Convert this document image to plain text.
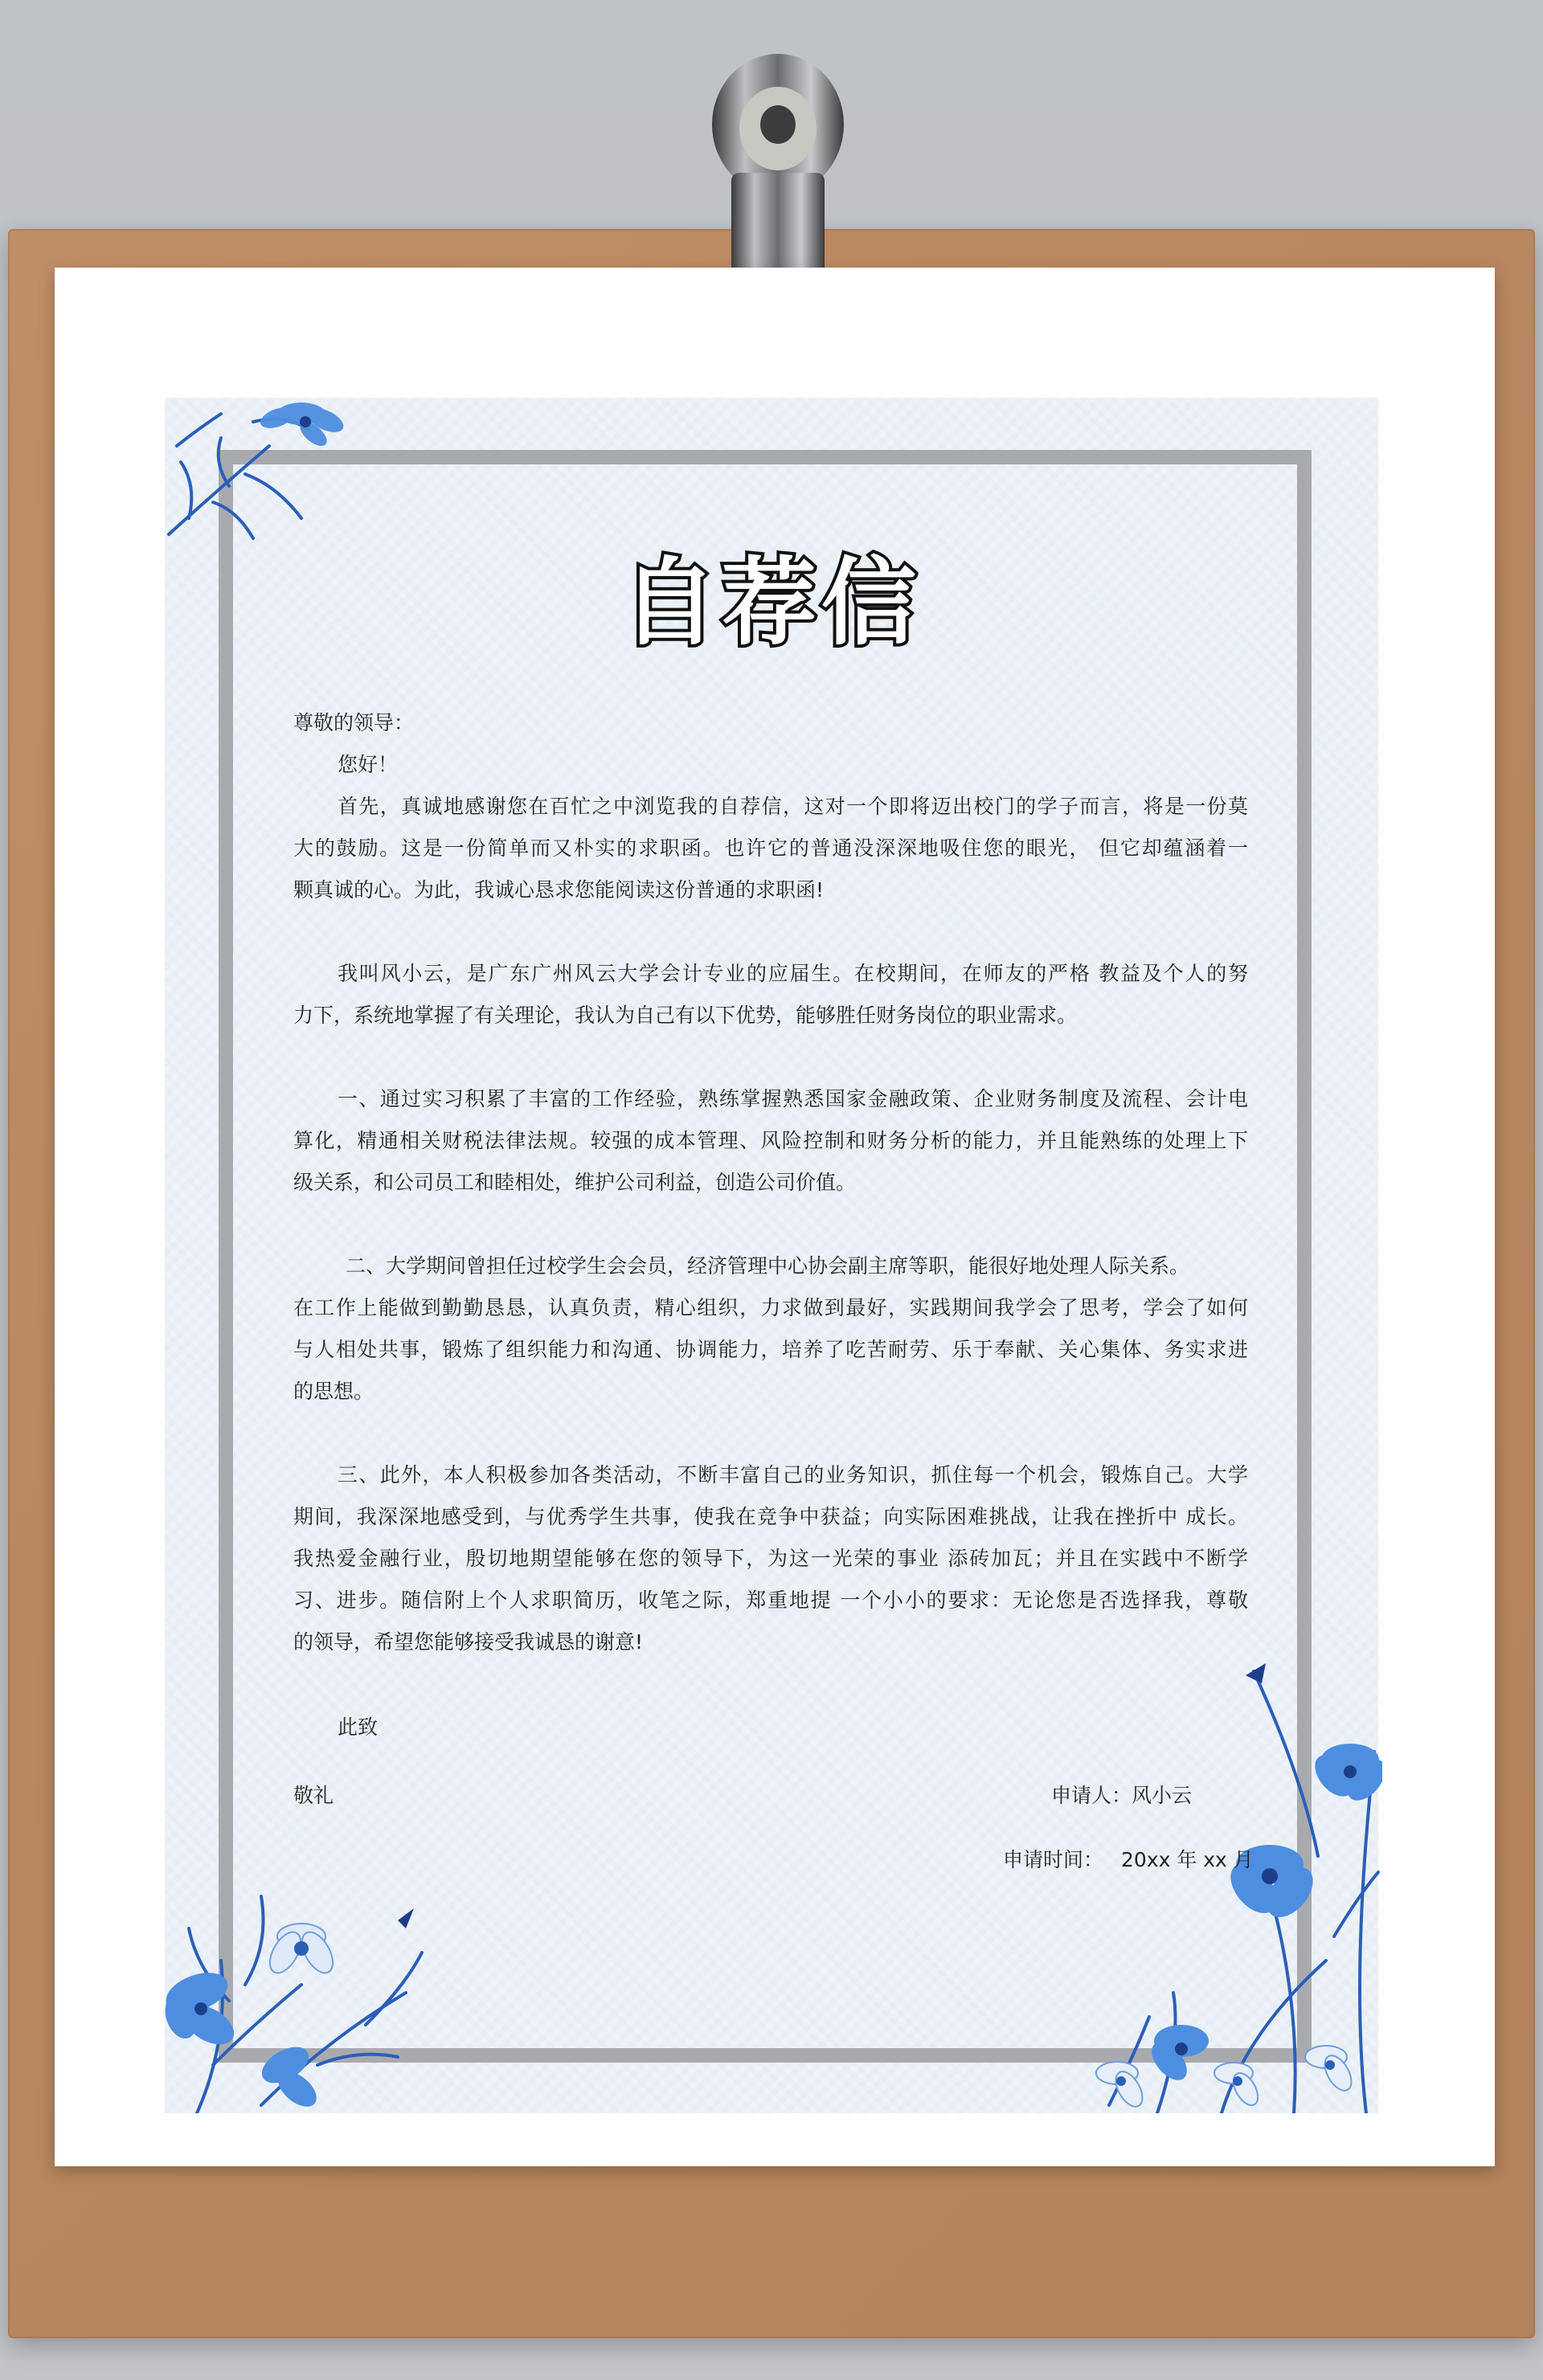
自荐信
尊敬的领导：
您好！
首先，真诚地感谢您在百忙之中浏览我的自荐信，这对一个即将迈出校门的学子而言，将是一份莫
大的鼓励。这是一份简单而又朴实的求职函。也许它的普通没深深地吸住您的眼光， 但它却蕴涵着一
颗真诚的心。为此，我诚心恳求您能阅读这份普通的求职函!
我叫风小云，是广东广州风云大学会计专业的应届生。在校期间，在师友的严格 教益及个人的努
力下，系统地掌握了有关理论，我认为自己有以下优势，能够胜任财务岗位的职业需求。
一、通过实习积累了丰富的工作经验，熟练掌握熟悉国家金融政策、企业财务制度及流程、会计电
算化，精通相关财税法律法规。较强的成本管理、风险控制和财务分析的能力，并且能熟练的处理上下
级关系，和公司员工和睦相处，维护公司利益，创造公司价值。
二、大学期间曾担任过校学生会会员，经济管理中心协会副主席等职，能很好地处理人际关系。
在工作上能做到勤勤恳恳，认真负责，精心组织，力求做到最好，实践期间我学会了思考，学会了如何
与人相处共事，锻炼了组织能力和沟通、协调能力，培养了吃苦耐劳、乐于奉献、关心集体、务实求进
的思想。
三、此外，本人积极参加各类活动，不断丰富自己的业务知识，抓住每一个机会，锻炼自己。大学
期间，我深深地感受到，与优秀学生共事，使我在竞争中获益；向实际困难挑战，让我在挫折中 成长。
我热爱金融行业，殷切地期望能够在您的领导下，为这一光荣的事业 添砖加瓦；并且在实践中不断学
习、进步。随信附上个人求职简历，收笔之际，郑重地提 一个小小的要求：无论您是否选择我，尊敬
的领导，希望您能够接受我诚恳的谢意!
此致
敬礼	申请人：风小云
申请时间： 20xx 年 xx 月
